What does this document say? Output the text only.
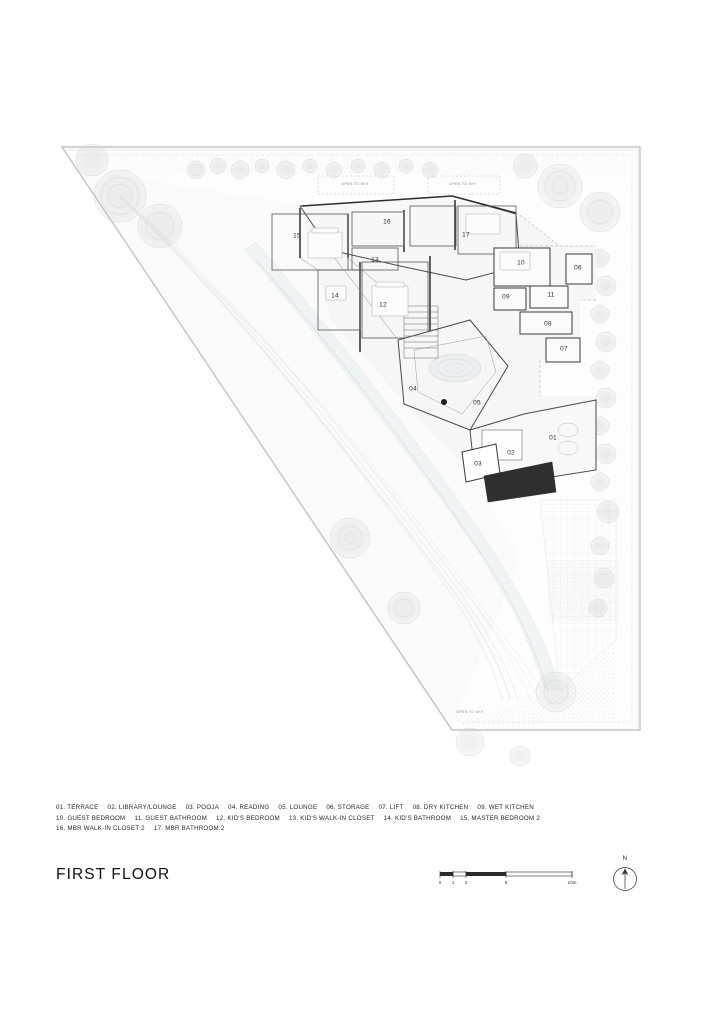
01
02
03
04
05
06
07
08
09
10
11
12
13
14
15
16
17
OPEN TO SKY	OPEN TO SKY
OPEN TO SKY
01. TERRACE 02. LIBRARY/LOUNGE 03. POOJA 04. READING 05. LOUNGE 06. STORAGE 07. LIFT 08. DRY KITCHEN 09. WET KITCHEN
10. GUEST BEDROOM 11. GUEST BATHROOM 12. KID'S BEDROOM 13. KID'S WALK-IN CLOSET 14. KID'S BATHROOM 15. MASTER BEDROOM 2
16. MBR WALK-IN CLOSET 2 17. MBR BATHROOM 2
FIRST FLOOR	0 1 2	5	10m
N
